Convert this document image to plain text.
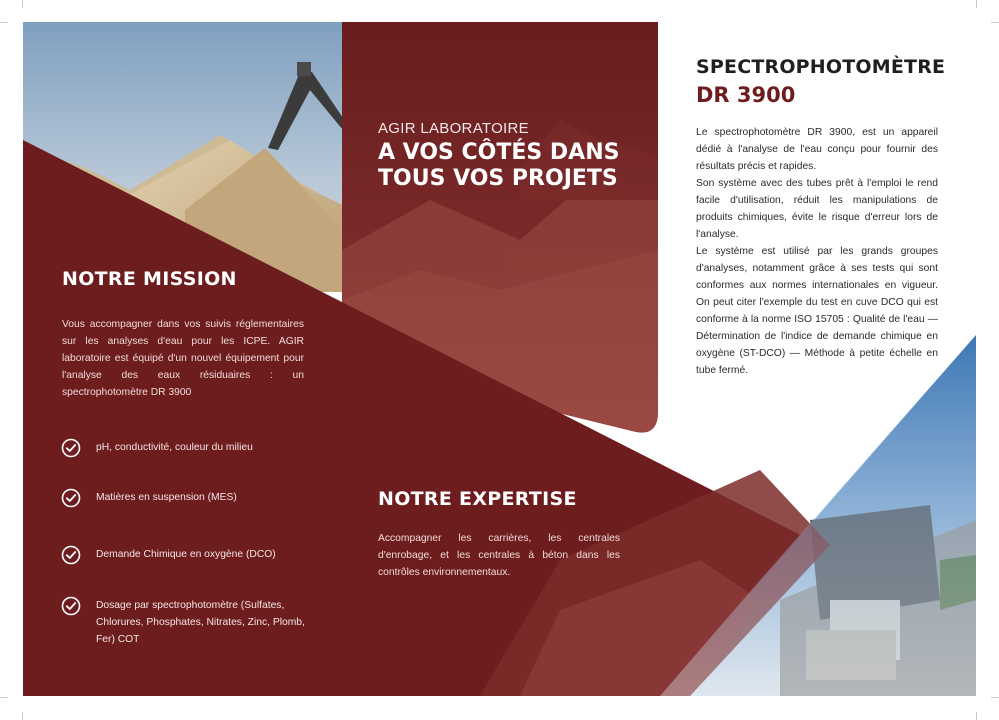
AGIR LABORATOIRE
A VOS CÔTÉS DANS TOUS VOS PROJETS
NOTRE MISSION
Vous accompagner dans vos suivis réglementaires sur les analyses d'eau pour les ICPE. AGIR laboratoire est équipé d'un nouvel équipement pour l'analyse des eaux résiduaires : un spectrophotomètre DR 3900
pH, conductivité, couleur du milieu
Matières en suspension (MES)
Demande Chimique en oxygène (DCO)
Dosage par spectrophotomètre (Sulfates, Chlorures, Phosphates, Nitrates, Zinc, Plomb, Fer) COT
NOTRE EXPERTISE
Accompagner les carrières, les centrales d'enrobage, et les centrales à béton dans les contrôles environnementaux.
SPECTROPHOTOMÈTRE
DR 3900

Le spectrophotomètre DR 3900, est un appareil dédié à l'analyse de l'eau conçu pour fournir des résultats précis et rapides.

Son système avec des tubes prêt à l'emploi le rend facile d'utilisation, réduit les manipulations de produits chimiques, évite le risque d'erreur lors de l'analyse.

Le système est utilisé par les grands groupes d'analyses, notamment grâce à ses tests qui sont conformes aux normes internationales en vigueur. On peut citer l'exemple du test en cuve DCO qui est conforme à la norme ISO 15705 : Qualité de l'eau — Détermination de l'indice de demande chimique en oxygène (ST-DCO) — Méthode à petite échelle en tube fermé.
